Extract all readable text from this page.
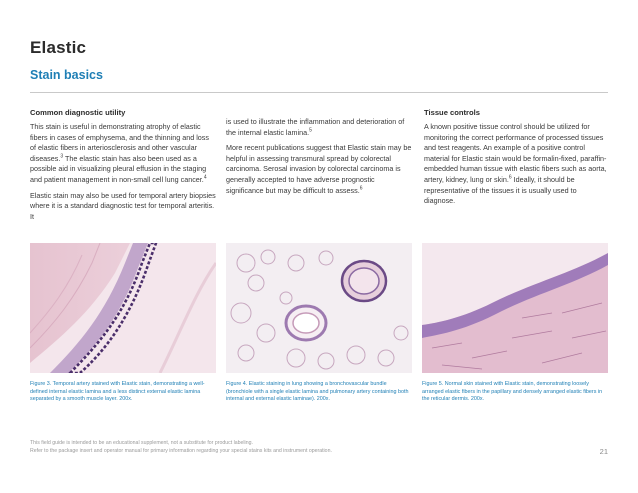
Elastic
Stain basics
Common diagnostic utility

This stain is useful in demonstrating atrophy of elastic fibers in cases of emphysema, and the thinning and loss of elastic fibers in arteriosclerosis and other vascular diseases.$^3$ The elastic stain has also been used as a possible aid in visualizing pleural effusion in the staging and patient management in non-small cell lung cancer.$^4$

Elastic stain may also be used for temporal artery biopsies where it is a standard diagnostic test for temporal arteritis. It

is used to illustrate the inflammation and deterioration of the internal elastic lamina.$^5$

More recent publications suggest that Elastic stain may be helpful in assessing transmural spread by colorectal carcinoma. Serosal invasion by colorectal carcinoma is generally accepted to have adverse prognostic significance but may be difficult to assess.$^6$

Tissue controls

A known positive tissue control should be utilized for monitoring the correct performance of processed tissues and test reagents. An example of a positive control material for Elastic stain would be formalin-fixed, paraffin-embedded human tissue with elastic fibers such as aorta, artery, kidney, lung or skin.$^6$ Ideally, it should be representative of the tissues it is usually used to diagnose.

Figure 3. Temporal artery stained with Elastic stain, demonstrating a well-defined internal elastic lamina and a less distinct external elastic lamina separated by a smooth muscle layer. 200x.
Figure 4. Elastic staining in lung showing a bronchovascular bundle (bronchiole with a single elastic lamina and pulmonary artery containing both internal and external elastic laminae). 200x.
Figure 5. Normal skin stained with Elastic stain, demonstrating loosely arranged elastic fibers in the papillary and densely arranged elastic fibers in the reticular dermis. 200x.
This field guide is intended to be an educational supplement, not a substitute for product labeling.
Refer to the package insert and operator manual for primary information regarding your special stains kits and instrument operation.	21
